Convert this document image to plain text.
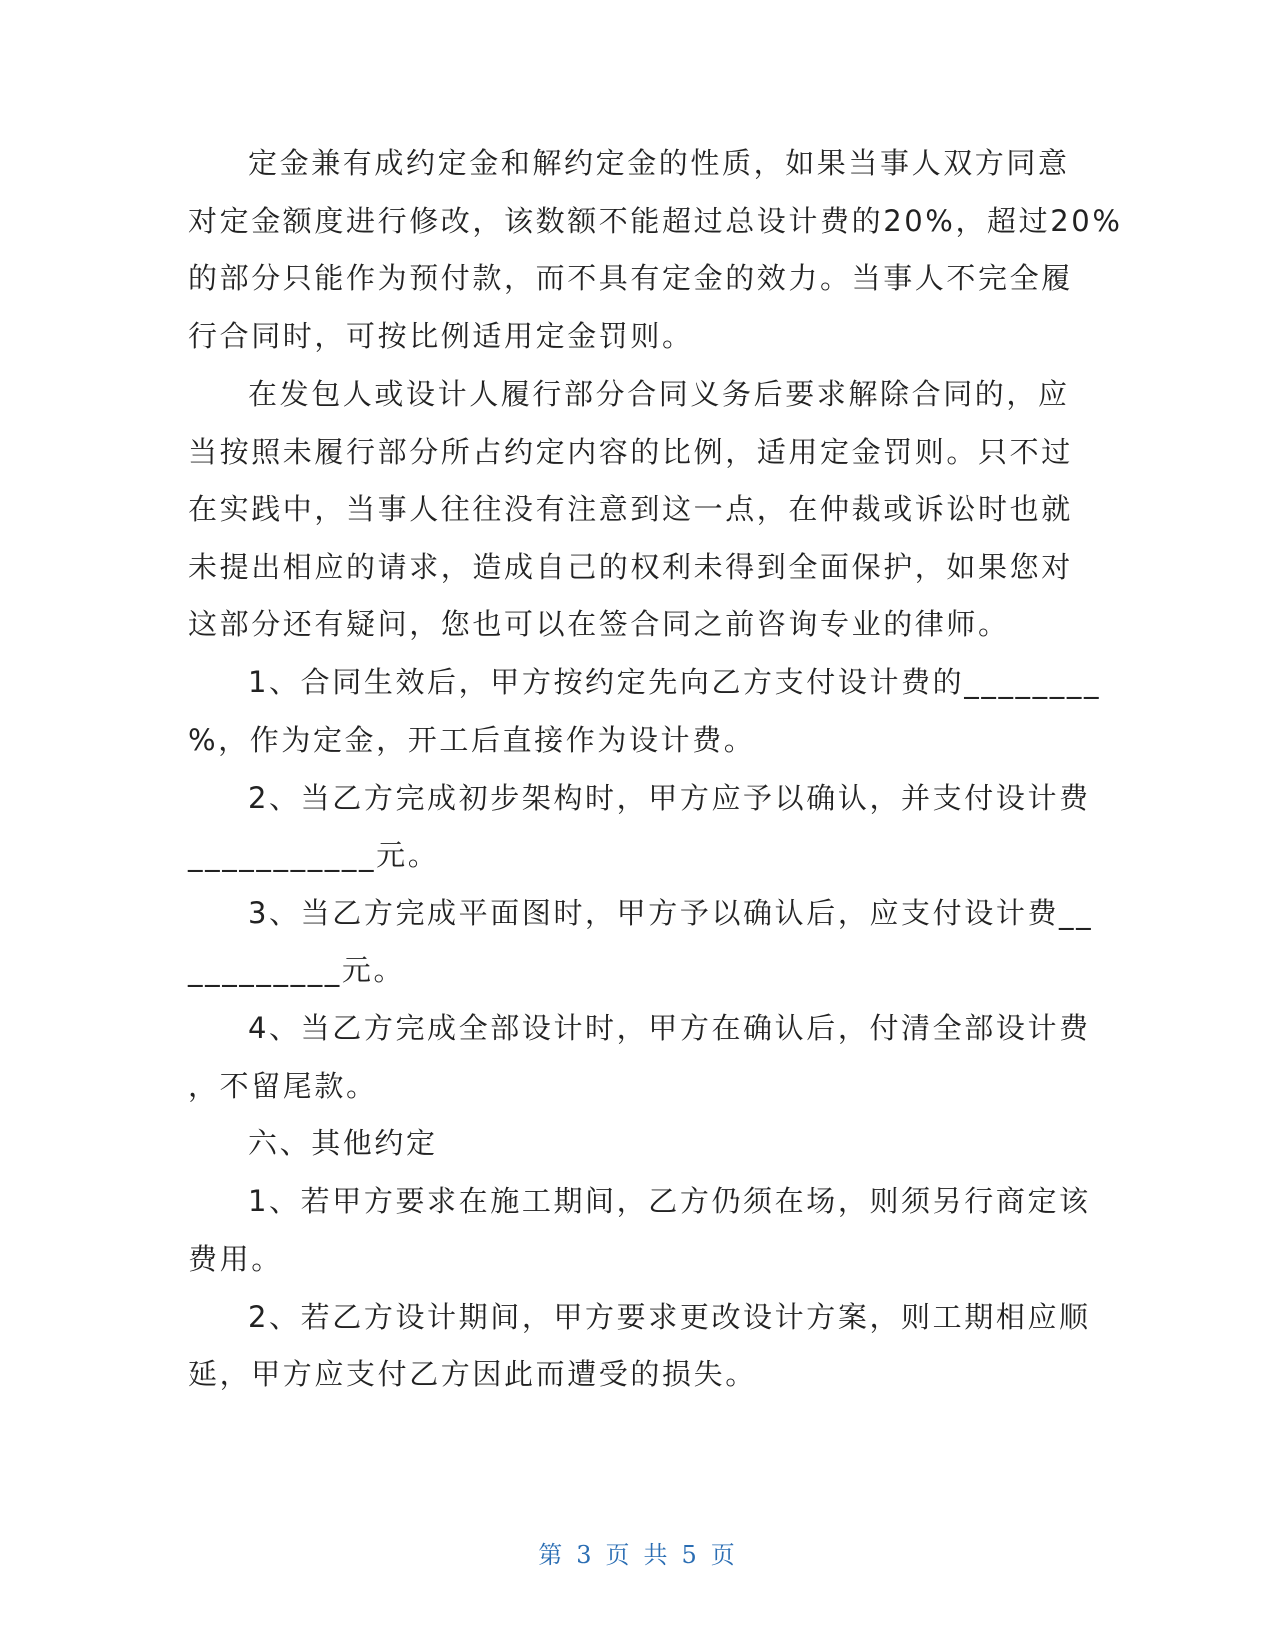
定金兼有成约定金和解约定金的性质，如果当事人双方同意
对定金额度进行修改，该数额不能超过总设计费的20%，超过20%
的部分只能作为预付款，而不具有定金的效力。当事人不完全履
行合同时，可按比例适用定金罚则。
在发包人或设计人履行部分合同义务后要求解除合同的，应
当按照未履行部分所占约定内容的比例，适用定金罚则。只不过
在实践中，当事人往往没有注意到这一点，在仲裁或诉讼时也就
未提出相应的请求，造成自己的权利未得到全面保护，如果您对
这部分还有疑问，您也可以在签合同之前咨询专业的律师。
1、合同生效后，甲方按约定先向乙方支付设计费的________
%，作为定金，开工后直接作为设计费。
2、当乙方完成初步架构时，甲方应予以确认，并支付设计费
___________元。
3、当乙方完成平面图时，甲方予以确认后，应支付设计费__
_________元。
4、当乙方完成全部设计时，甲方在确认后，付清全部设计费
，不留尾款。
六、其他约定
1、若甲方要求在施工期间，乙方仍须在场，则须另行商定该
费用。
2、若乙方设计期间，甲方要求更改设计方案，则工期相应顺
延，甲方应支付乙方因此而遭受的损失。
第 3 页 共 5 页
